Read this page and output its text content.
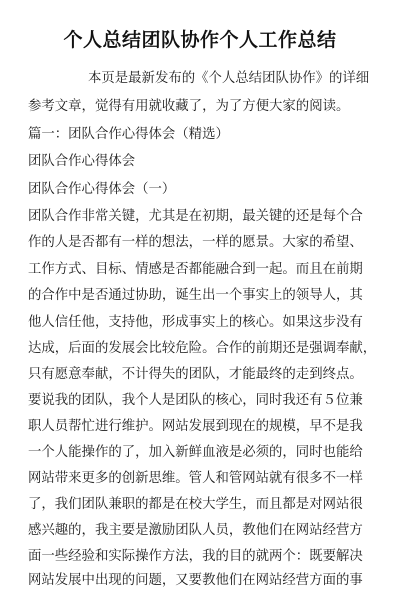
个人总结团队协作个人工作总结
本页是最新发布的《个人总结团队协作》的详细
参考文章，觉得有用就收藏了，为了方便大家的阅读。
篇一：团队合作心得体会（精选）
团队合作心得体会
团队合作心得体会（一）
团队合作非常关键，尤其是在初期，最关键的还是每个合
作的人是否都有一样的想法，一样的愿景。大家的希望、
工作方式、目标、情感是否都能融合到一起。而且在前期
的合作中是否通过协助，诞生出一个事实上的领导人，其
他人信任他，支持他，形成事实上的核心。如果这步没有
达成，后面的发展会比较危险。合作的前期还是强调奉献，
只有愿意奉献，不计得失的团队，才能最终的走到终点。
要说我的团队，我个人是团队的核心，同时我还有５位兼
职人员帮忙进行维护。网站发展到现在的规模，早不是我
一个人能操作的了，加入新鲜血液是必须的，同时也能给
网站带来更多的创新思维。管人和管网站就有很多不一样
了，我们团队兼职的都是在校大学生，而且都是对网站很
感兴趣的，我主要是激励团队人员，教他们在网站经营方
面一些经验和实际操作方法，我的目的就两个：既要解决
网站发展中出现的问题，又要教他们在网站经营方面的事
